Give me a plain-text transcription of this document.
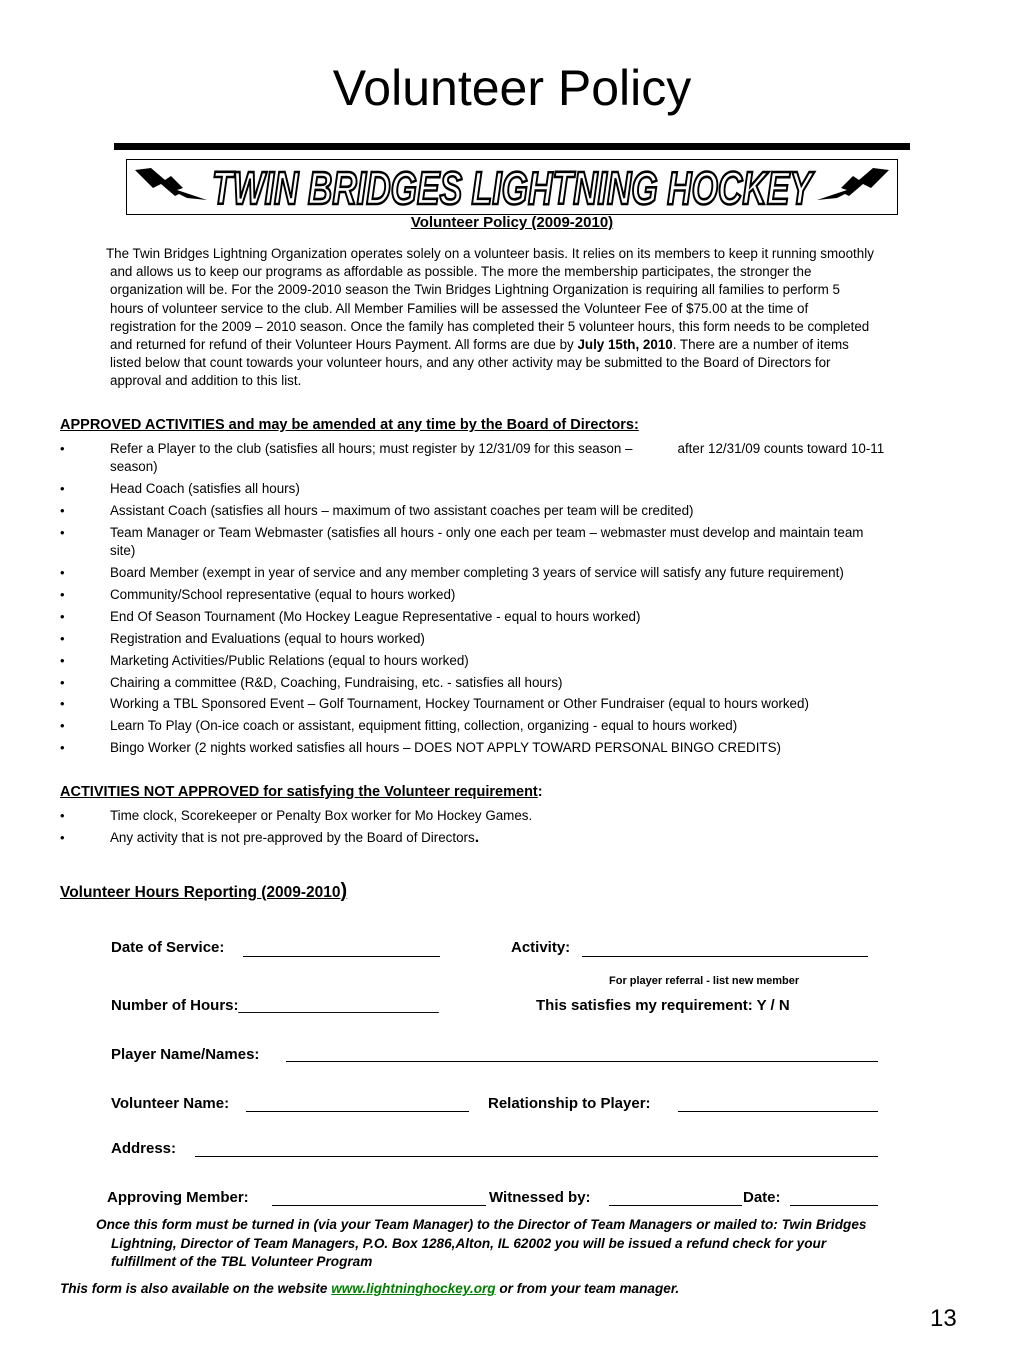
Volunteer Policy
TWIN BRIDGES LIGHTNING HOCKEY
Volunteer Policy (2009-2010)
The Twin Bridges Lightning Organization operates solely on a volunteer basis. It relies on its members to keep it running smoothly
and allows us to keep our programs as affordable as possible. The more the membership participates, the stronger the
organization will be. For the 2009-2010 season the Twin Bridges Lightning Organization is requiring all families to perform 5
hours of volunteer service to the club. All Member Families will be assessed the Volunteer Fee of $75.00 at the time of
registration for the 2009 – 2010 season. Once the family has completed their 5 volunteer hours, this form needs to be completed
and returned for refund of their Volunteer Hours Payment. All forms are due by July 15th, 2010. There are a number of items
listed below that count towards your volunteer hours, and any other activity may be submitted to the Board of Directors for
approval and addition to this list.
APPROVED ACTIVITIES and may be amended at any time by the Board of Directors:
•	Refer a Player to the club (satisfies all hours; must register by 12/31/09 for this season –	after 12/31/09 counts toward 10-11
season)
•	Head Coach (satisfies all hours)
•	Assistant Coach (satisfies all hours – maximum of two assistant coaches per team will be credited)
•	Team Manager or Team Webmaster (satisfies all hours - only one each per team – webmaster must develop and maintain team
site)
•	Board Member (exempt in year of service and any member completing 3 years of service will satisfy any future requirement)
•	Community/School representative (equal to hours worked)
•	End Of Season Tournament (Mo Hockey League Representative - equal to hours worked)
•	Registration and Evaluations (equal to hours worked)
•	Marketing Activities/Public Relations (equal to hours worked)
•	Chairing a committee (R&D, Coaching, Fundraising, etc. - satisfies all hours)
•	Working a TBL Sponsored Event – Golf Tournament, Hockey Tournament or Other Fundraiser (equal to hours worked)
•	Learn To Play (On-ice coach or assistant, equipment fitting, collection, organizing - equal to hours worked)
•	Bingo Worker (2 nights worked satisfies all hours – DOES NOT APPLY TOWARD PERSONAL BINGO CREDITS)
ACTIVITIES NOT APPROVED for satisfying the Volunteer requirement:
•	Time clock, Scorekeeper or Penalty Box worker for Mo Hockey Games.
•	Any activity that is not pre-approved by the Board of Directors.
Volunteer Hours Reporting (2009-2010)
Date of Service:	Activity:
For player referral - list new member
Number of Hours:________________________	This satisfies my requirement: Y / N
Player Name/Names:
Volunteer Name:	Relationship to Player:
Address:
Approving Member:	Witnessed by:	Date:
Once this form must be turned in (via your Team Manager) to the Director of Team Managers or mailed to: Twin Bridges
Lightning, Director of Team Managers, P.O. Box 1286,Alton, IL 62002 you will be issued a refund check for your
fulfillment of the TBL Volunteer Program
This form is also available on the website www.lightninghockey.org or from your team manager.
13
